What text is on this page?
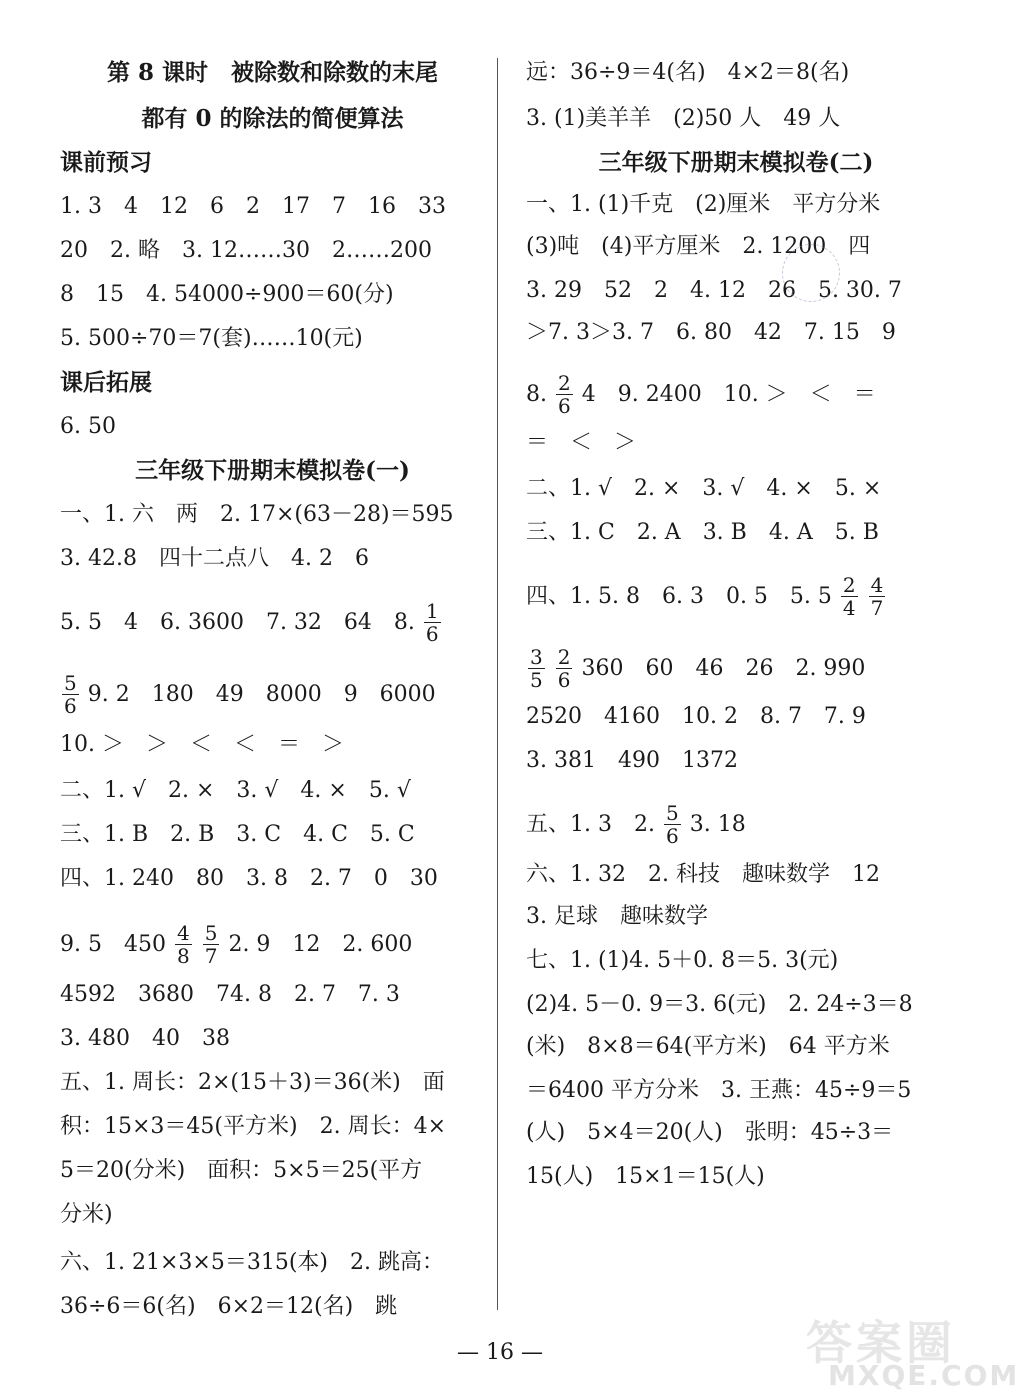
第 8 课时　被除数和除数的末尾
都有 0 的除法的简便算法
课前预习
1. 3　4　12　6　2　17　7　16　33
20　2. 略　3. 12……30　2……200
8　15　4. 54000÷900＝60(分)
5. 500÷70＝7(套)……10(元)
课后拓展
6. 50
三年级下册期末模拟卷(一)
一、1. 六　两　2. 17×(63－28)＝595
3. 42.8　四十二点八　4. 2　6
5. 5　4　6. 3600　7. 32　64　8. $\frac{1}{6}$
$\frac{5}{6} 9$. 2　180　49　8000　9　6000
10. ＞　＞　＜　＜　＝　＞
二、1. √　2. ×　3. √　4. ×　5. √
三、1. B　2. B　3. C　4. C　5. C
四、1. 240　80　3. 8　2. 7　0　30
9. 5　$450 \frac{4}{8}$
$\frac{5}{7} 2$. 9　12　2. 600
4592　3680　74. 8　2. 7　7. 3
3. 480　40　38
五、1. 周长：2×(15＋3)＝36(米)　面
积：15×3＝45(平方米)　2. 周长：4×
5＝20(分米)　面积：5×5＝25(平方
分米)
六、1. 21×3×5＝315(本)　2. 跳高：
36÷6＝6(名)　6×2＝12(名)　跳
远：36÷9＝4(名)　4×2＝8(名)
3. (1)美羊羊　(2)50 人　49 人
三年级下册期末模拟卷(二)
一、1. (1)千克　(2)厘米　平方分米
(3)吨　(4)平方厘米　2. 1200　四
3. 29　52　2　4. 12　26　5. 30. 7
＞7. 3＞3. 7　6. 80　42　7. 15　9
8. $\frac{2}{6} 4$　9. 2400　10. ＞　＜　＝
＝　＜　＞
二、1. √　2. ×　3. √　4. ×　5. ×
三、1. C　2. A　3. B　4. A　5. B
四、1. 5. 8　6. 3　0. 5　5. $5 \frac{2}{4}$
$\frac{4}{7}$
$\frac{3}{5}$
$\frac{2}{6} 360$　60　46　26　2. 990
2520　4160　10. 2　8. 7　7. 9
3. 381　490　1372
五、1. 3　2. $\frac{5}{6} 3$. 18
六、1. 32　2. 科技　趣味数学　12
3. 足球　趣味数学
七、1. (1)4. 5＋0. 8＝5. 3(元)
(2)4. 5－0. 9＝3. 6(元)　2. 24÷3＝8
(米)　8×8＝64(平方米)　64 平方米
＝6400 平方分米　3. 王燕：45÷9＝5
(人)　5×4＝20(人)　张明：45÷3＝
15(人)　15×1＝15(人)
— 16 —	答案圈
MXQE.COM
